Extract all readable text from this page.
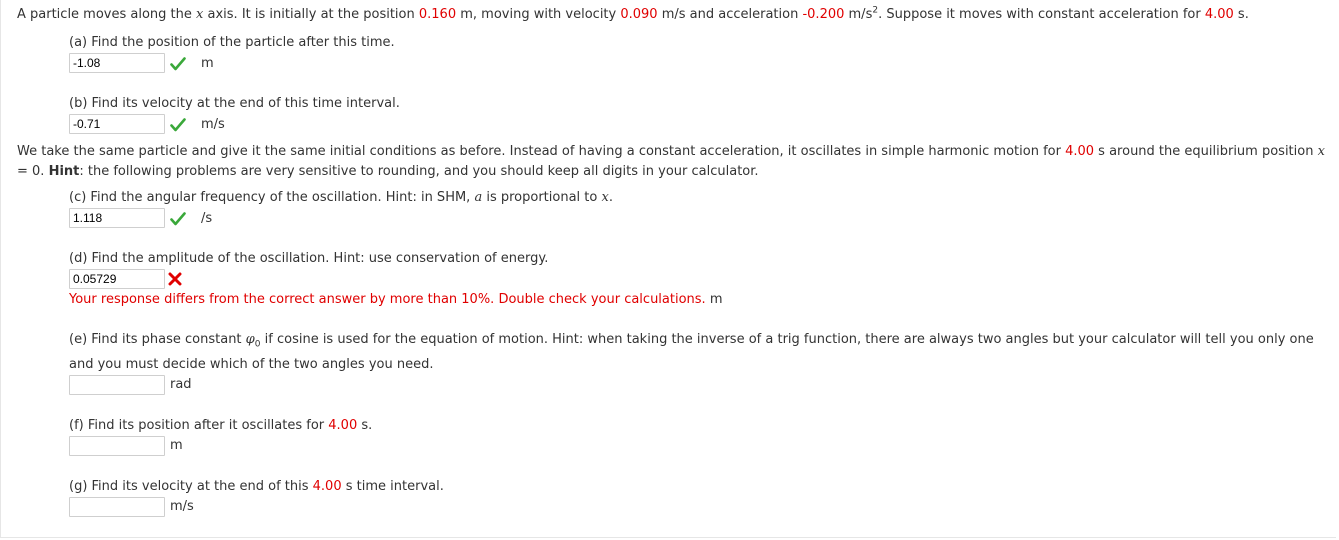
A particle moves along the x axis. It is initially at the position 0.160 m, moving with velocity 0.090 m/s and acceleration -0.200 $m/s^2$. Suppose it moves with constant acceleration for 4.00 s.
(a) Find the position of the particle after this time.
-1.08
m
(b) Find its velocity at the end of this time interval.
-0.71
m/s
We take the same particle and give it the same initial conditions as before. Instead of having a constant acceleration, it oscillates in simple harmonic motion for 4.00 s around the equilibrium position x = 0. Hint: the following problems are very sensitive to rounding, and you should keep all digits in your calculator.
(c) Find the angular frequency of the oscillation. Hint: in SHM, a is proportional to x.
1.118
/s
(d) Find the amplitude of the oscillation. Hint: use conservation of energy.
0.05729
Your response differs from the correct answer by more than 10%. Double check your calculations. m
(e) Find its phase constant $\varphi_0$ if cosine is used for the equation of motion. Hint: when taking the inverse of a trig function, there are always two angles but your calculator will tell you only one
and you must decide which of the two angles you need.
rad
(f) Find its position after it oscillates for 4.00 s.
m
(g) Find its velocity at the end of this 4.00 s time interval.
m/s
